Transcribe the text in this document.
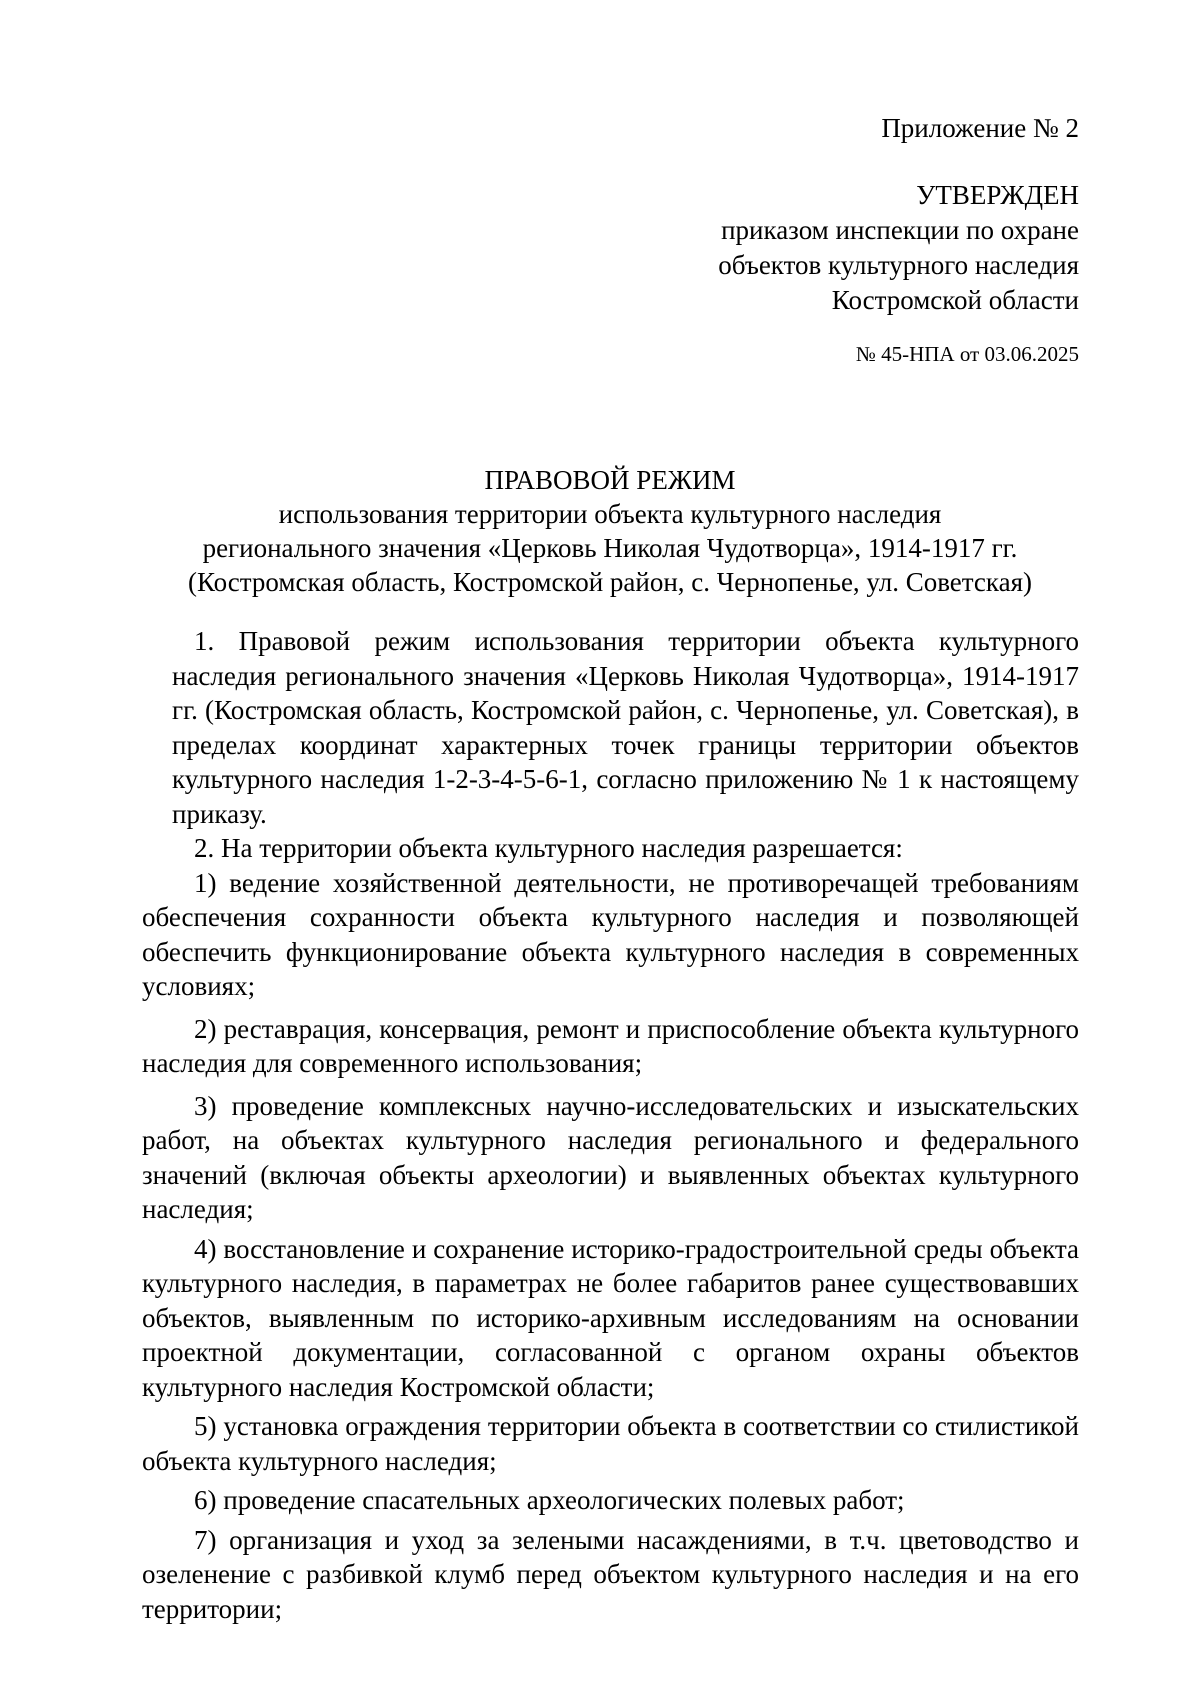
Приложение № 2
УТВЕРЖДЕН
приказом инспекции по охране
объектов культурного наследия
Костромской области
№ 45-НПА от 03.06.2025
ПРАВОВОЙ РЕЖИМ
использования территории объекта культурного наследия
регионального значения «Церковь Николая Чудотворца», 1914-1917 гг.
(Костромская область, Костромской район, с. Чернопенье, ул. Советская)

1. Правовой режим использования территории объекта культурного наследия регионального значения «Церковь Николая Чудотворца», 1914-1917 гг. (Костромская область, Костромской район, с. Чернопенье, ул. Советская), в пределах координат характерных точек границы территории объектов культурного наследия 1-2-3-4-5-6-1, согласно приложению № 1 к настоящему приказу.

2. На территории объекта культурного наследия разрешается:

1) ведение хозяйственной деятельности, не противоречащей требованиям обеспечения сохранности объекта культурного наследия и позволяющей обеспечить функционирование объекта культурного наследия в современных условиях;

2) реставрация, консервация, ремонт и приспособление объекта культурного наследия для современного использования;

3) проведение комплексных научно-исследовательских и изыскательских работ, на объектах культурного наследия регионального и федерального значений (включая объекты археологии) и выявленных объектах культурного наследия;

4) восстановление и сохранение историко-градостроительной среды объекта культурного наследия, в параметрах не более габаритов ранее существовавших объектов, выявленным по историко-архивным исследованиям на основании проектной документации, согласованной с органом охраны объектов культурного наследия Костромской области;

5) установка ограждения территории объекта в соответствии со стилистикой объекта культурного наследия;

6) проведение спасательных археологических полевых работ;

7) организация и уход за зелеными насаждениями, в т.ч. цветоводство и озеленение с разбивкой клумб перед объектом культурного наследия и на его территории;
